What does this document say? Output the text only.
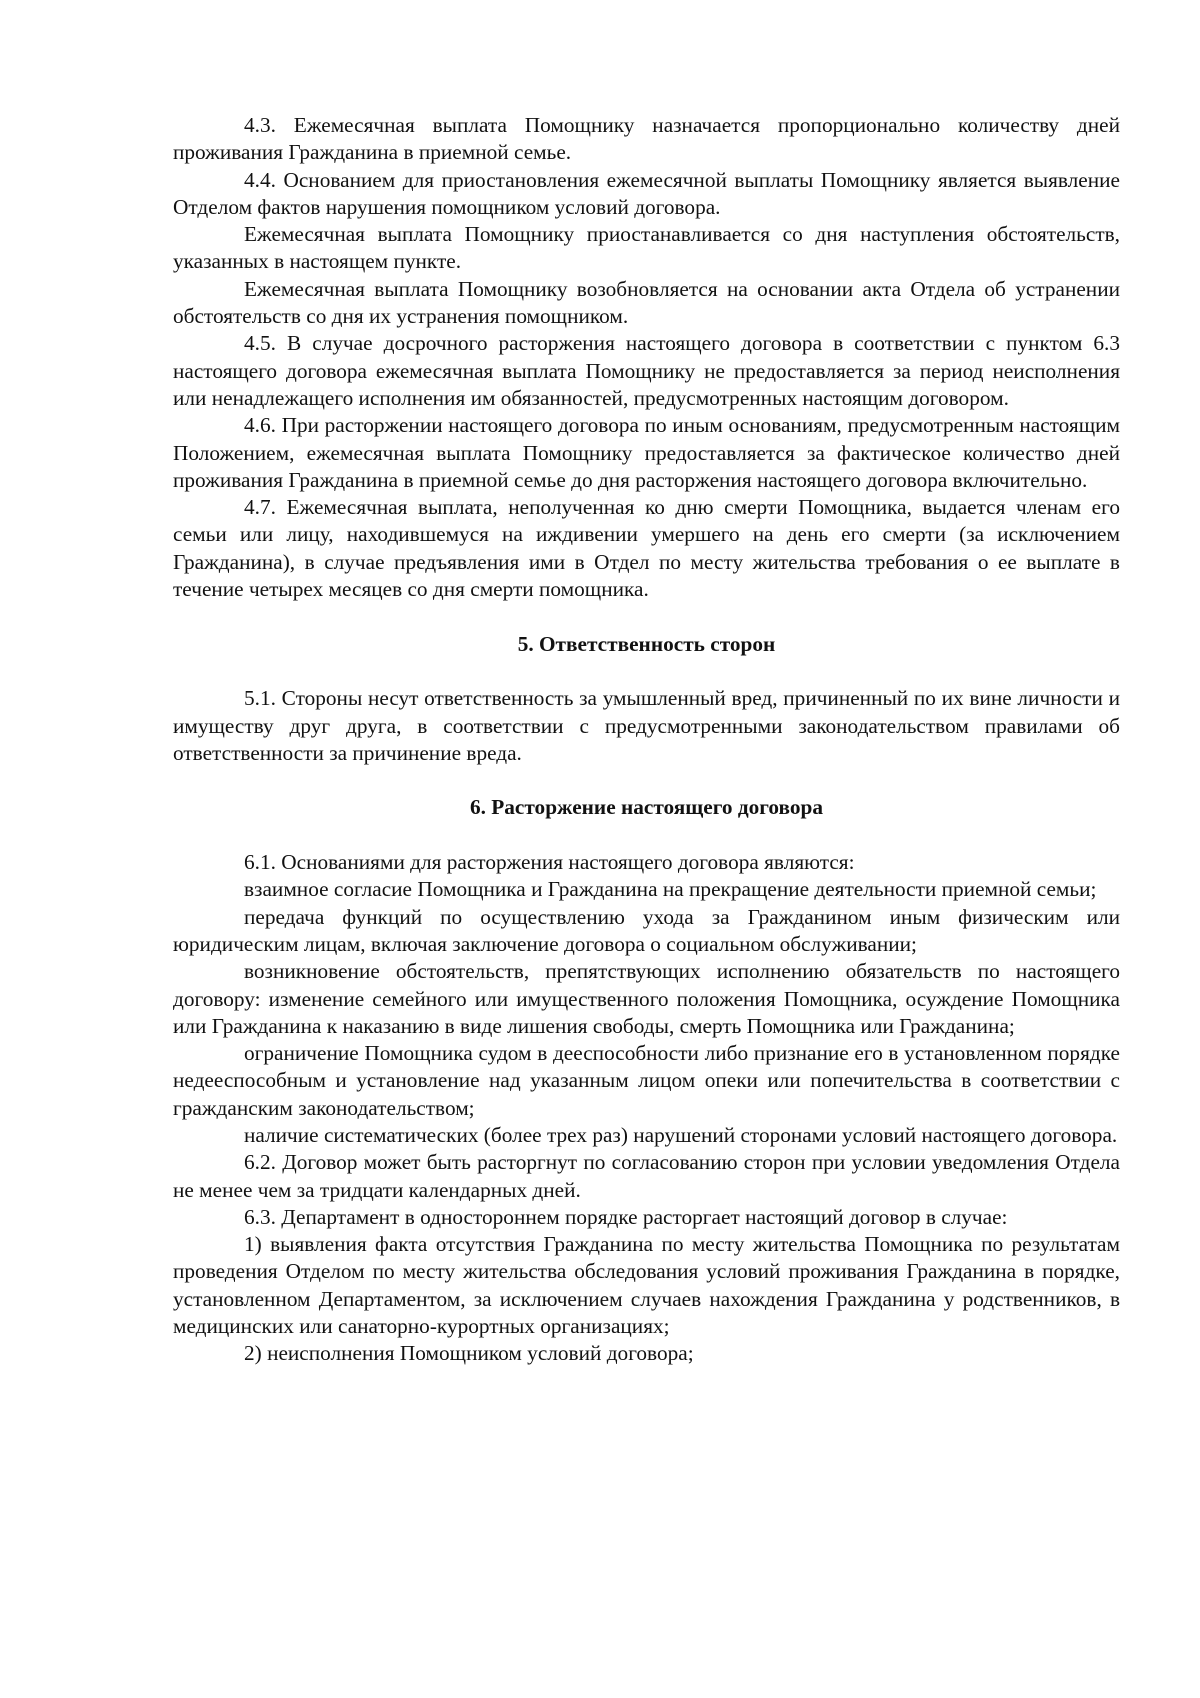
4.3. Ежемесячная выплата Помощнику назначается пропорционально количеству дней проживания Гражданина в приемной семье.

4.4. Основанием для приостановления ежемесячной выплаты Помощнику является выявление Отделом фактов нарушения помощником условий договора.

Ежемесячная выплата Помощнику приостанавливается со дня наступления обстоятельств, указанных в настоящем пункте.

Ежемесячная выплата Помощнику возобновляется на основании акта Отдела об устранении обстоятельств со дня их устранения помощником.

4.5. В случае досрочного расторжения настоящего договора в соответствии с пунктом 6.3 настоящего договора ежемесячная выплата Помощнику не предоставляется за период неисполнения или ненадлежащего исполнения им обязанностей, предусмотренных настоящим договором.

4.6. При расторжении настоящего договора по иным основаниям, предусмотренным настоящим Положением, ежемесячная выплата Помощнику предоставляется за фактическое количество дней проживания Гражданина в приемной семье до дня расторжения настоящего договора включительно.

4.7. Ежемесячная выплата, неполученная ко дню смерти Помощника, выдается членам его семьи или лицу, находившемуся на иждивении умершего на день его смерти (за исключением Гражданина), в случае предъявления ими в Отдел по месту жительства требования о ее выплате в течение четырех месяцев со дня смерти помощника.

5. Ответственность сторон

5.1. Стороны несут ответственность за умышленный вред, причиненный по их вине личности и имуществу друг друга, в соответствии с предусмотренными законодательством правилами об ответственности за причинение вреда.

6. Расторжение настоящего договора

6.1. Основаниями для расторжения настоящего договора являются:

взаимное согласие Помощника и Гражданина на прекращение деятельности приемной семьи;

передача функций по осуществлению ухода за Гражданином иным физическим или юридическим лицам, включая заключение договора о социальном обслуживании;

возникновение обстоятельств, препятствующих исполнению обязательств по настоящего договору: изменение семейного или имущественного положения Помощника, осуждение Помощника или Гражданина к наказанию в виде лишения свободы, смерть Помощника или Гражданина;

ограничение Помощника судом в дееспособности либо признание его в установленном порядке недееспособным и установление над указанным лицом опеки или попечительства в соответствии с гражданским законодательством;

наличие систематических (более трех раз) нарушений сторонами условий настоящего договора.

6.2. Договор может быть расторгнут по согласованию сторон при условии уведомления Отдела не менее чем за тридцати календарных дней.

6.3. Департамент в одностороннем порядке расторгает настоящий договор в случае:

1) выявления факта отсутствия Гражданина по месту жительства Помощника по результатам проведения Отделом по месту жительства обследования условий проживания Гражданина в порядке, установленном Департаментом, за исключением случаев нахождения Гражданина у родственников, в медицинских или санаторно-курортных организациях;

2) неисполнения Помощником условий договора;
